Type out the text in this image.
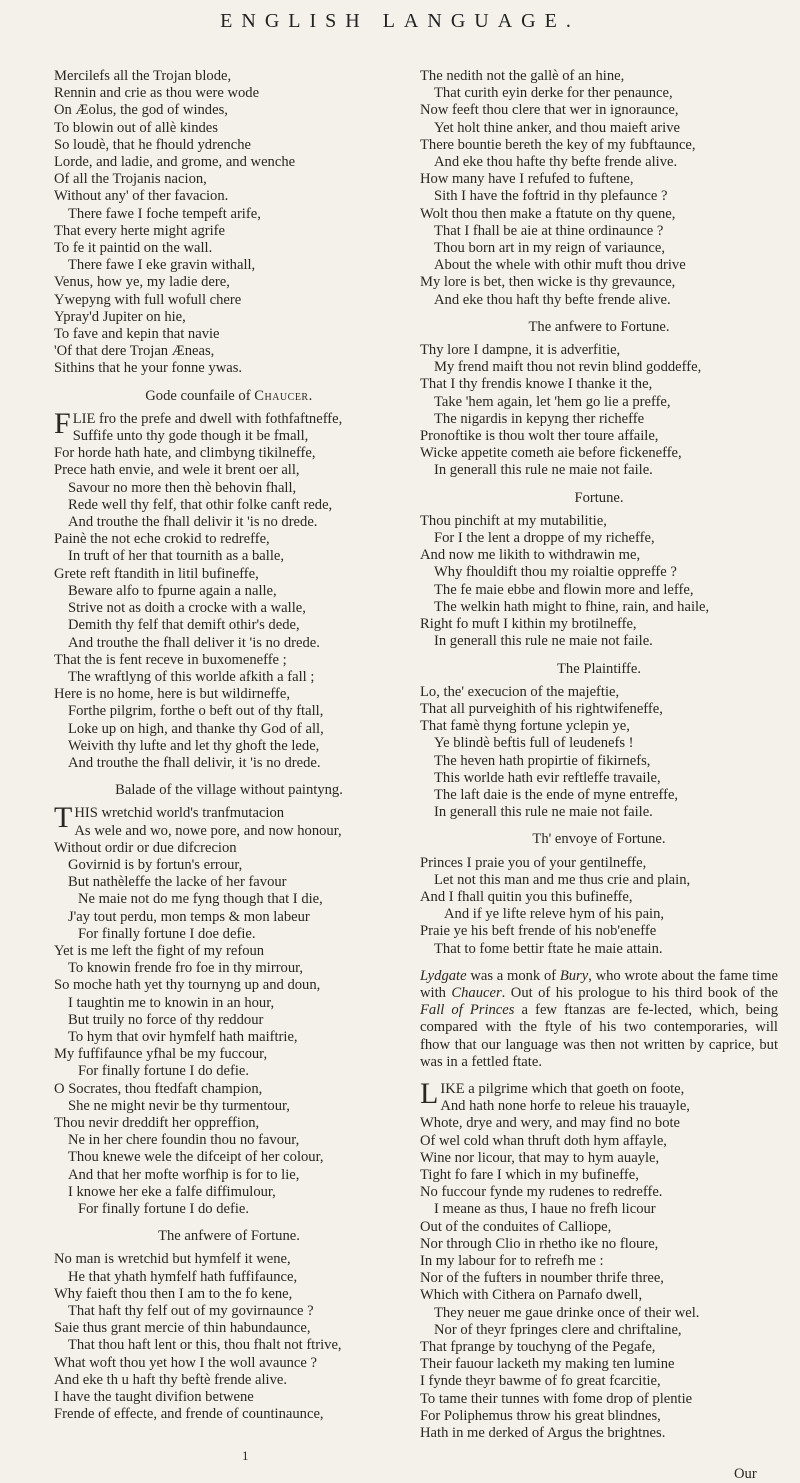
ENGLISH LANGUAGE.
Mercilefs all the Trojan blode,
Rennin and crie as thou were wode
On Æolus, the god of windes,
To blowin out of allè kindes
So loudè, that he fhould ydrenche
Lorde, and ladie, and grome, and wenche
Of all the Trojanis nacion,
Without any' of ther favacion.
There fawe I foche tempeft arife,
That every herte might agrife
To fe it paintid on the wall.
There fawe I eke gravin withall,
Venus, how ye, my ladie dere,
Ywepyng with full wofull chere
Ypray'd Jupiter on hie,
To fave and kepin that navie
'Of that dere Trojan Æneas,
Sithins that he your fonne ywas.
Gode counfaile of Chaucer.
F LIE fro the prefe and dwell with fothfaftneffe,
Suffife unto thy gode though it be fmall,
For horde hath hate, and climbyng tikilneffe,
Prece hath envie, and wele it brent oer all,
Savour no more then thè behovin fhall,
Rede well thy felf, that othir folke canft rede,
And trouthe the fhall delivir it 'is no drede.
Painè the not eche crokid to redreffe,
In truft of her that tournith as a balle,
Grete reft ftandith in litil bufineffe,
Beware alfo to fpurne again a nalle,
Strive not as doith a crocke with a walle,
Demith thy felf that demift othir's dede,
And trouthe the fhall deliver it 'is no drede.
That the is fent receve in buxomeneffe ;
The wraftlyng of this worlde afkith a fall ;
Here is no home, here is but wildirneffe,
Forthe pilgrim, forthe o beft out of thy ftall,
Loke up on high, and thanke thy God of all,
Weivith thy lufte and let thy ghoft the lede,
And trouthe the fhall delivir, it 'is no drede.
Balade of the village without paintyng.
T HIS wretchid world's tranfmutacion
As wele and wo, nowe pore, and now honour,
Without ordir or due difcrecion
Govirnid is by fortun's errour,
But nathèleffe the lacke of her favour
Ne maie not do me fyng though that I die,
J'ay tout perdu, mon temps & mon labeur
For finally fortune I doe defie.
Yet is me left the fight of my refoun
To knowin frende fro foe in thy mirrour,
So moche hath yet thy tournyng up and doun,
I taughtin me to knowin in an hour,
But truily no force of thy reddour
To hym that ovir hymfelf hath maiftrie,
My fuffifaunce yfhal be my fuccour,
For finally fortune I do defie.
O Socrates, thou ftedfaft champion,
She ne might nevir be thy turmentour,
Thou nevir dreddift her oppreffion,
Ne in her chere foundin thou no favour,
Thou knewe wele the difceipt of her colour,
And that her mofte worfhip is for to lie,
I knowe her eke a falfe diffimulour,
For finally fortune I do defie.
The anfwere of Fortune.
No man is wretchid but hymfelf it wene,
He that yhath hymfelf hath fuffifaunce,
Why faieft thou then I am to the fo kene,
That haft thy felf out of my govirnaunce ?
Saie thus grant mercie of thin habundaunce,
That thou haft lent or this, thou fhalt not ftrive,
What woft thou yet how I the woll avaunce ?
And eke th u haft thy beftè frende alive.
I have the taught divifion betwene
Frende of effecte, and frende of countinaunce,
The nedith not the gallè of an hine,
That curith eyin derke for ther penaunce,
Now feeft thou clere that wer in ignoraunce,
Yet holt thine anker, and thou maieft arive
There bountie bereth the key of my fubftaunce,
And eke thou hafte thy befte frende alive.
How many have I refufed to fuftene,
Sith I have the foftrid in thy plefaunce ?
Wolt thou then make a ftatute on thy quene,
That I fhall be aie at thine ordinaunce ?
Thou born art in my reign of variaunce,
About the whele with othir muft thou drive
My lore is bet, then wicke is thy grevaunce,
And eke thou haft thy befte frende alive.
The anfwere to Fortune.
Thy lore I dampne, it is adverfitie,
My frend maift thou not revin blind goddeffe,
That I thy frendis knowe I thanke it the,
Take 'hem again, let 'hem go lie a preffe,
The nigardis in kepyng ther richeffe
Pronoftike is thou wolt ther toure affaile,
Wicke appetite cometh aie before fickeneffe,
In generall this rule ne maie not faile.
Fortune.
Thou pinchift at my mutabilitie,
For I the lent a droppe of my richeffe,
And now me likith to withdrawin me,
Why fhouldift thou my roialtie oppreffe ?
The fe maie ebbe and flowin more and leffe,
The welkin hath might to fhine, rain, and haile,
Right fo muft I kithin my brotilneffe,
In generall this rule ne maie not faile.
The Plaintiffe.
Lo, the' execucion of the majeftie,
That all purveighith of his rightwifeneffe,
That famè thyng fortune yclepin ye,
Ye blindè beftis full of leudenefs !
The heven hath propirtie of fikirnefs,
This worlde hath evir reftleffe travaile,
The laft daie is the ende of myne entreffe,
In generall this rule ne maie not faile.
Th' envoye of Fortune.
Princes I praie you of your gentilneffe,
Let not this man and me thus crie and plain,
And I fhall quitin you this bufineffe,
And if ye lifte releve hym of his pain,
Praie ye his beft frende of his nob'eneffe
That to fome bettir ftate he maie attain.
Lydgate was a monk of Bury, who wrote about the fame time with Chaucer. Out of his prologue to his third book of the Fall of Princes a few ftanzas are fe-lected, which, being compared with the ftyle of his two contemporaries, will fhow that our language was then not written by caprice, but was in a fettled ftate.
L IKE a pilgrime which that goeth on foote,
And hath none horfe to releue his trauayle,
Whote, drye and wery, and may find no bote
Of wel cold whan thruft doth hym affayle,
Wine nor licour, that may to hym auayle,
Tight fo fare I which in my bufineffe,
No fuccour fynde my rudenes to redreffe.
I meane as thus, I haue no frefh licour
Out of the conduites of Calliope,
Nor through Clio in rhetho ike no floure,
In my labour for to refrefh me :
Nor of the fufters in noumber thrife three,
Which with Cithera on Parnafo dwell,
They neuer me gaue drinke once of their wel.
Nor of theyr fpringes clere and chriftaline,
That fprange by touchyng of the Pegafe,
Their fauour lacketh my making ten lumine
I fynde theyr bawme of fo great fcarcitie,
To tame their tunnes with fome drop of plentie
For Poliphemus throw his great blindnes,
Hath in me derked of Argus the brightnes.
1
Our
